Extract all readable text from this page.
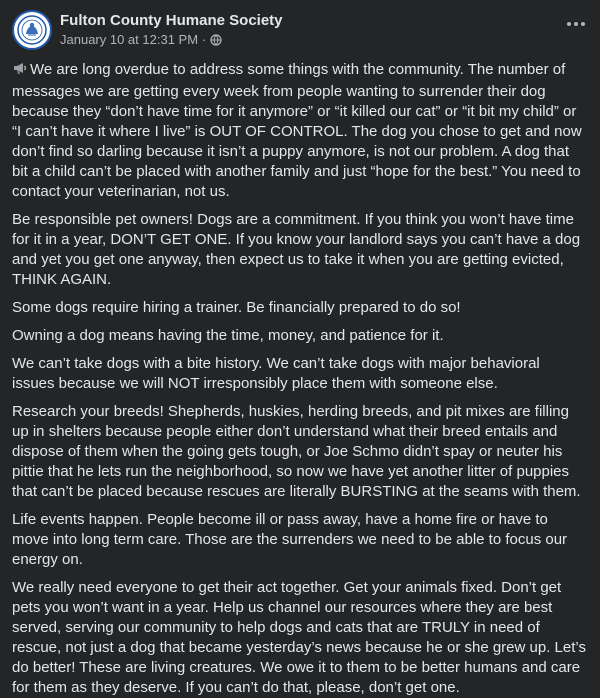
Fulton County Humane Society
January 10 at 12:31 PM ·

We are long overdue to address some things with the community. The number of messages we are getting every week from people wanting to surrender their dog because they “don’t have time for it anymore” or “it killed our cat” or “it bit my child” or “I can’t have it where I live” is OUT OF CONTROL. The dog you chose to get and now don’t find so darling because it isn’t a puppy anymore, is not our problem. A dog that bit a child can’t be placed with another family and just “hope for the best.” You need to contact your veterinarian, not us.

Be responsible pet owners! Dogs are a commitment. If you think you won’t have time for it in a year, DON’T GET ONE. If you know your landlord says you can’t have a dog and yet you get one anyway, then expect us to take it when you are getting evicted, THINK AGAIN.

Some dogs require hiring a trainer. Be financially prepared to do so!

Owning a dog means having the time, money, and patience for it.

We can’t take dogs with a bite history. We can’t take dogs with major behavioral issues because we will NOT irresponsibly place them with someone else.

Research your breeds! Shepherds, huskies, herding breeds, and pit mixes are filling up in shelters because people either don’t understand what their breed entails and dispose of them when the going gets tough, or Joe Schmo didn’t spay or neuter his pittie that he lets run the neighborhood, so now we have yet another litter of puppies that can’t be placed because rescues are literally BURSTING at the seams with them.

Life events happen. People become ill or pass away, have a home fire or have to move into long term care. Those are the surrenders we need to be able to focus our energy on.

We really need everyone to get their act together. Get your animals fixed. Don’t get pets you won’t want in a year. Help us channel our resources where they are best served, serving our community to help dogs and cats that are TRULY in need of rescue, not just a dog that became yesterday’s news because he or she grew up. Let’s do better! These are living creatures. We owe it to them to be better humans and care for them as they deserve. If you can’t do that, please, don’t get one.
